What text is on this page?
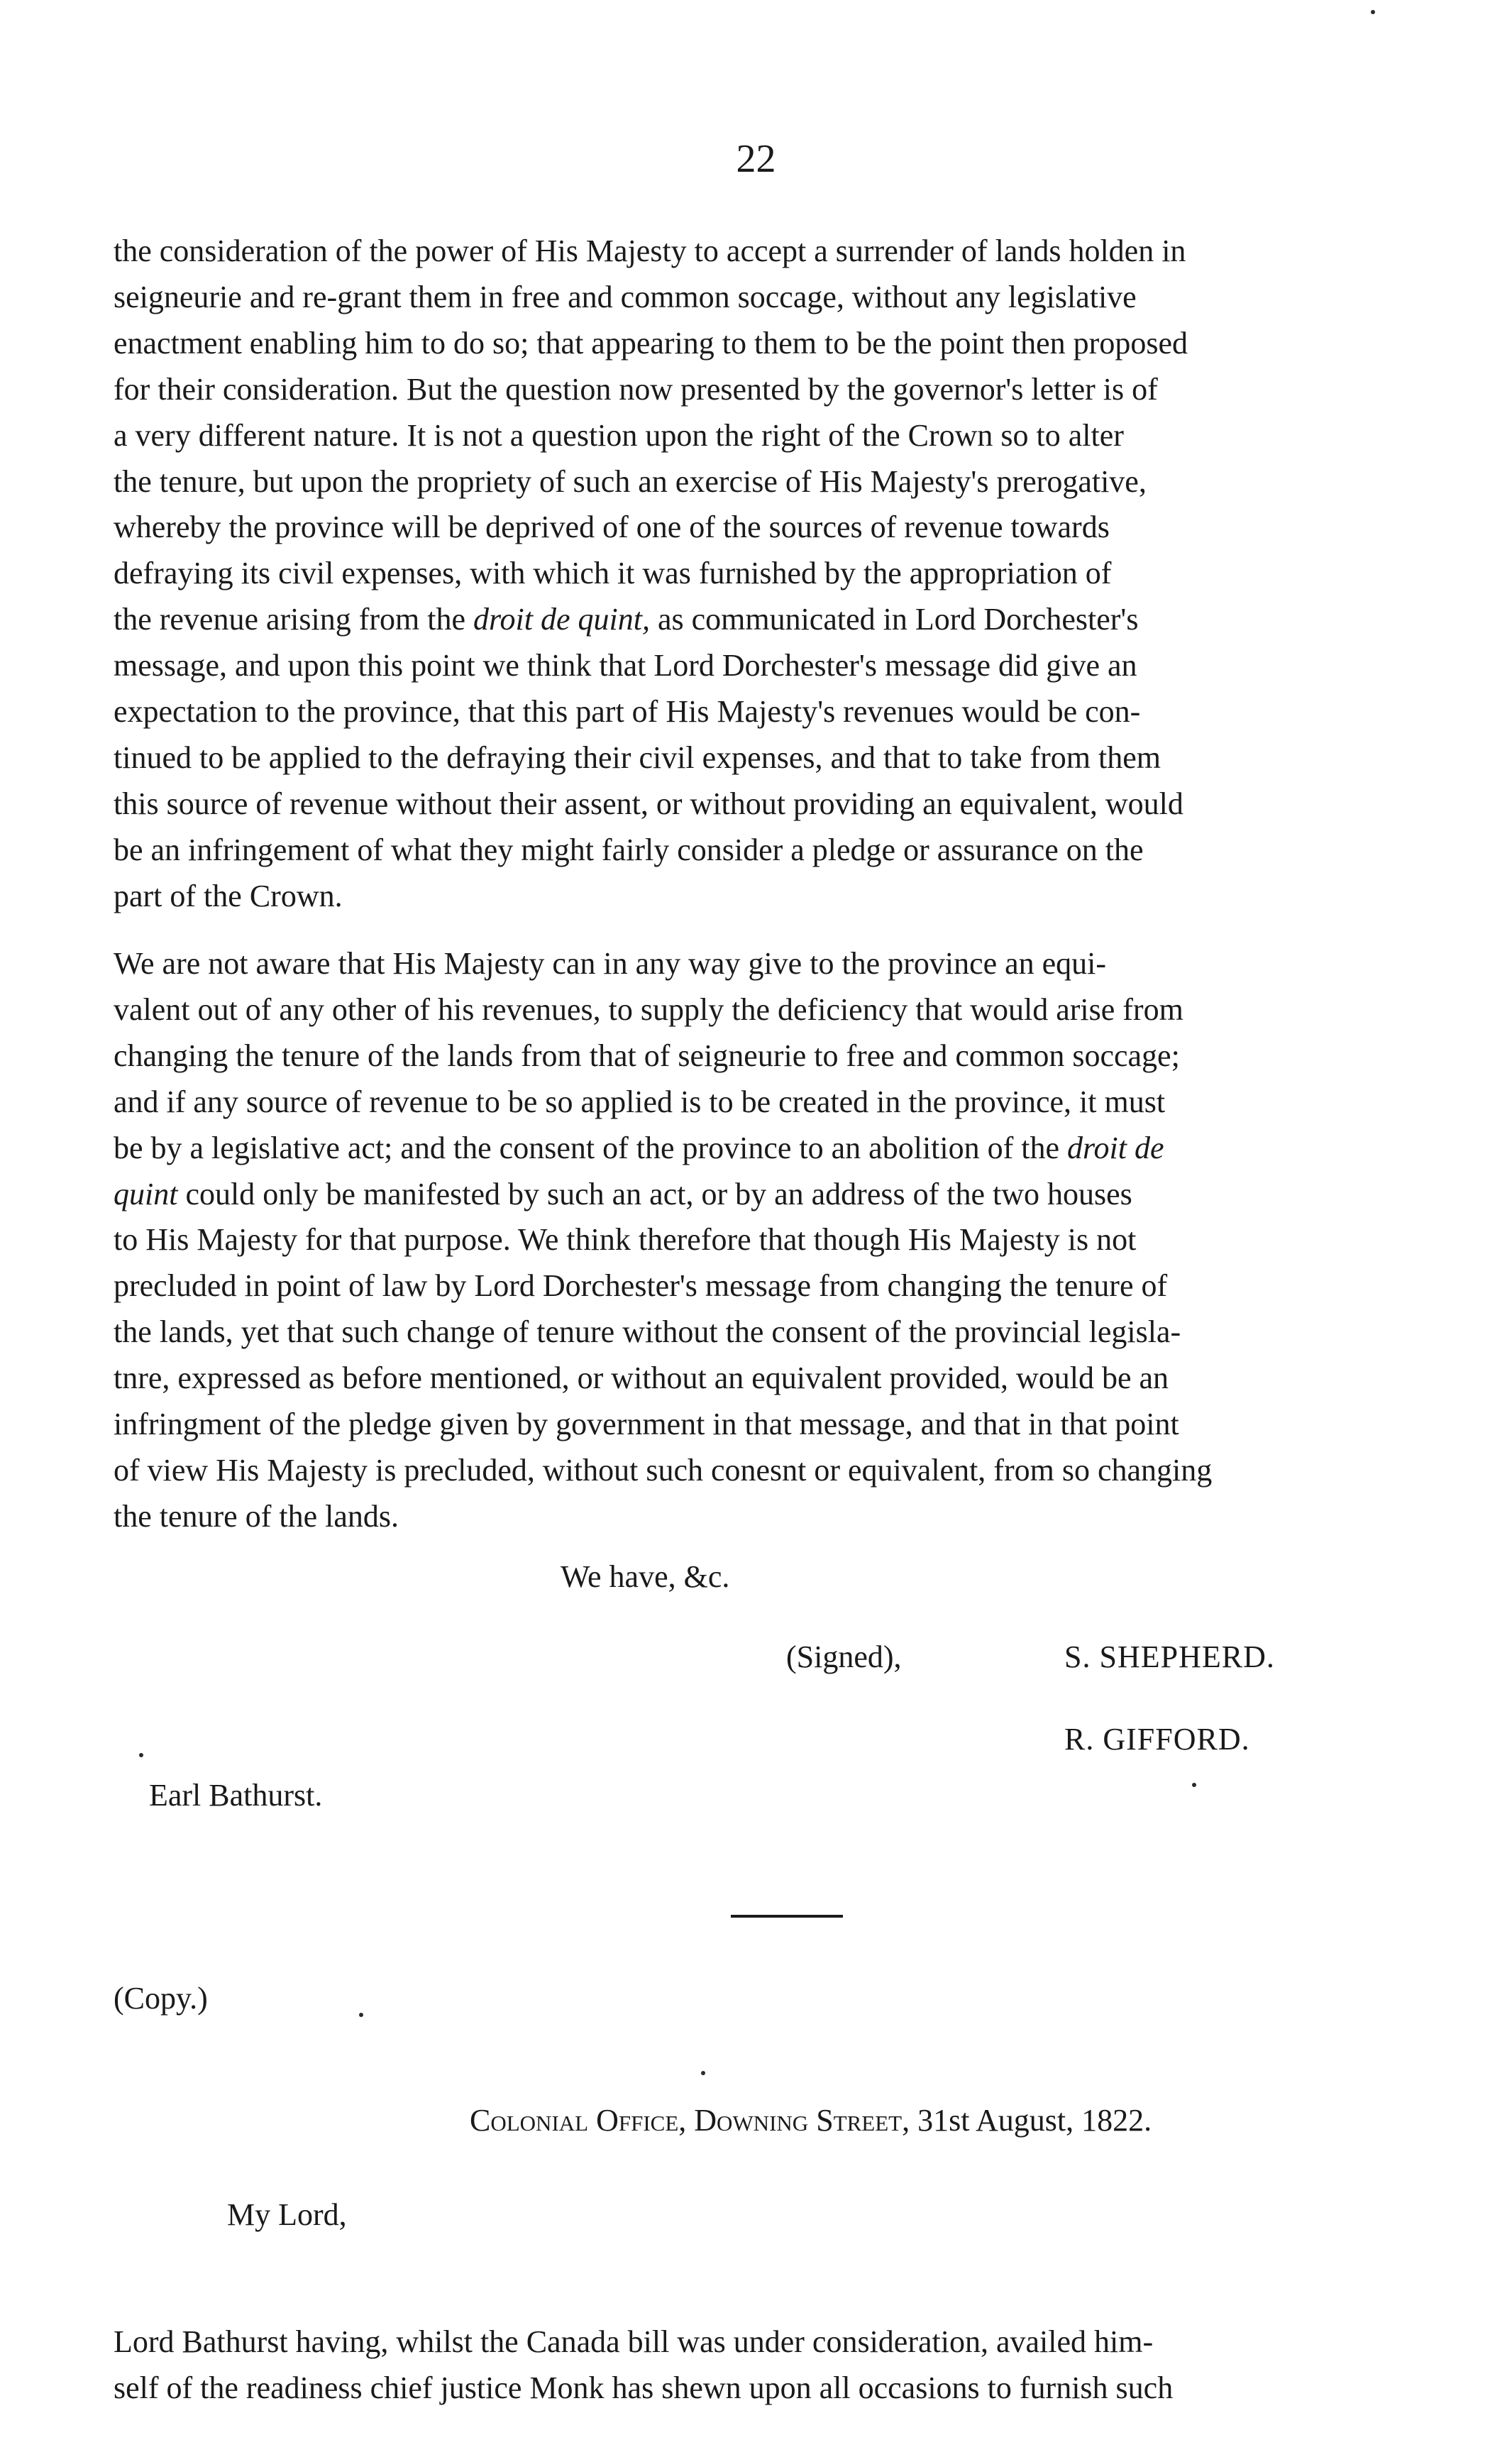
22
the consideration of the power of His Majesty to accept a surrender of lands holden in
seigneurie and re-grant them in free and common soccage, without any legislative
enactment enabling him to do so; that appearing to them to be the point then proposed
for their consideration. But the question now presented by the governor's letter is of
a very different nature. It is not a question upon the right of the Crown so to alter
the tenure, but upon the propriety of such an exercise of His Majesty's prerogative,
whereby the province will be deprived of one of the sources of revenue towards
defraying its civil expenses, with which it was furnished by the appropriation of
the revenue arising from the droit de quint, as communicated in Lord Dorchester's
message, and upon this point we think that Lord Dorchester's message did give an
expectation to the province, that this part of His Majesty's revenues would be con-
tinued to be applied to the defraying their civil expenses, and that to take from them
this source of revenue without their assent, or without providing an equivalent, would
be an infringement of what they might fairly consider a pledge or assurance on the
part of the Crown.
We are not aware that His Majesty can in any way give to the province an equi-
valent out of any other of his revenues, to supply the deficiency that would arise from
changing the tenure of the lands from that of seigneurie to free and common soccage;
and if any source of revenue to be so applied is to be created in the province, it must
be by a legislative act; and the consent of the province to an abolition of the droit de
quint could only be manifested by such an act, or by an address of the two houses
to His Majesty for that purpose. We think therefore that though His Majesty is not
precluded in point of law by Lord Dorchester's message from changing the tenure of
the lands, yet that such change of tenure without the consent of the provincial legisla-
tnre, expressed as before mentioned, or without an equivalent provided, would be an
infringment of the pledge given by government in that message, and that in that point
of view His Majesty is precluded, without such conesnt or equivalent, from so changing
the tenure of the lands.
We have, &c.
(Signed),	S. SHEPHERD.
R. GIFFORD.
Earl Bathurst.
(Copy.)
Colonial Office, Downing Street, 31st August, 1822.
My Lord,
Lord Bathurst having, whilst the Canada bill was under consideration, availed him-
self of the readiness chief justice Monk has shewn upon all occasions to furnish such
